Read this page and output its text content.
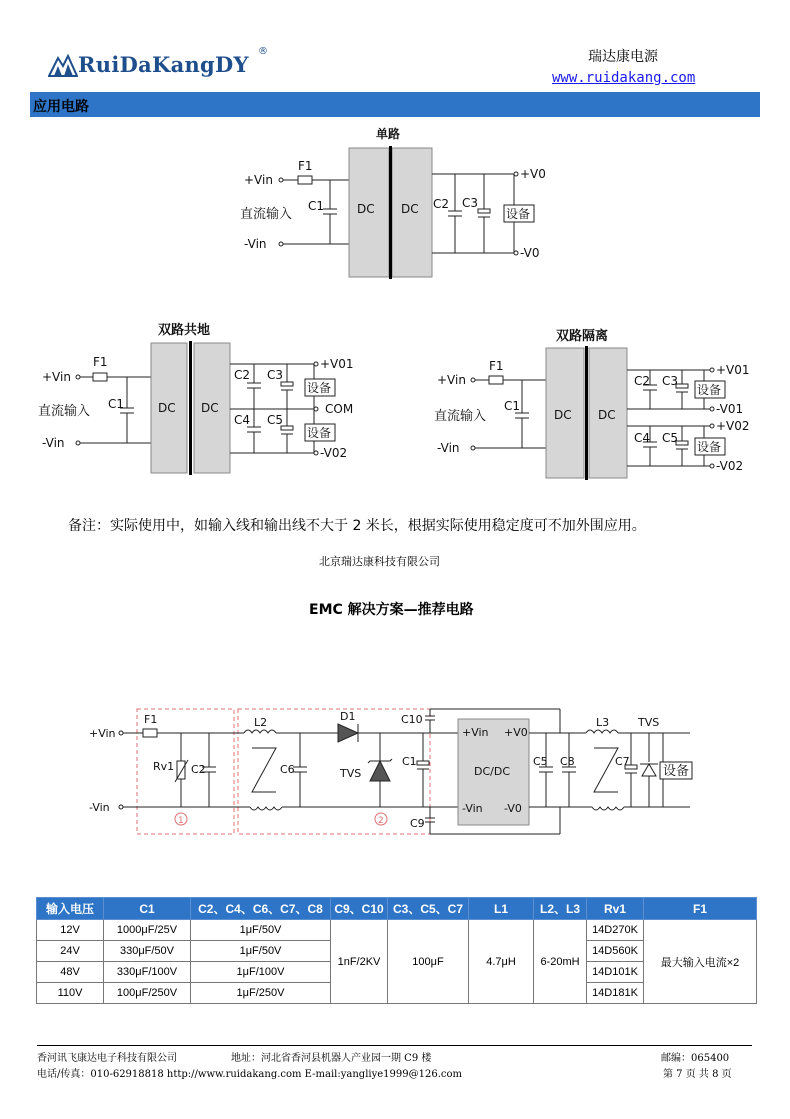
RuiDaKangDY
®	瑞达康电源
www.ruidakang.com
应用电路
单路
+Vin
-Vin
直流输入
F1
C1	DC DC C2 C3
设备
+V0
-V0
双路共地
+Vin
-Vin
直流输入
F1
C1	DC DC
C2 C3
C4 C5
设备
设备
+V01
COM
-V02
双路隔离
+Vin
-Vin
直流输入
F1
C1
DC DC
C2 C3
C4 C5
设备
设备
+V01
-V01
+V02
-V02
+Vin
-Vin
F1
Rv1 C2
L2
C6
D1
TVS
C10
C1
C9
+Vin +V0
DC/DC
-Vin -V0
C5 C8
L3
C7
TVS
设备
1	2
备注：实际使用中，如输入线和输出线不大于 2 米长，根据实际使用稳定度可不加外围应用。
北京瑞达康科技有限公司
EMC 解决方案—推荐电路
输入电压	C1	C2、C4、C6、C7、C8	C9、C10	C3、C5、C7	L1	L2、L3	Rv1	F1
12V	1000μF/25V	1μF/50V	1nF/2KV	100μF	4.7μH	6-20mH	14D270K	最大输入电流×2
24V	330μF/50V	1μF/50V					14D560K	
48V	330μF/100V	1μF/100V					14D101K	
110V	100μF/250V	1μF/250V					14D181K	
香河讯飞康达电子科技有限公司	地址：河北省香河县机器人产业园一期 C9 楼	邮编：065400
电话/传真：010-62918818 http://www.ruidakang.com E-mail:yangliye1999@126.com	第 7 页 共 8 页
